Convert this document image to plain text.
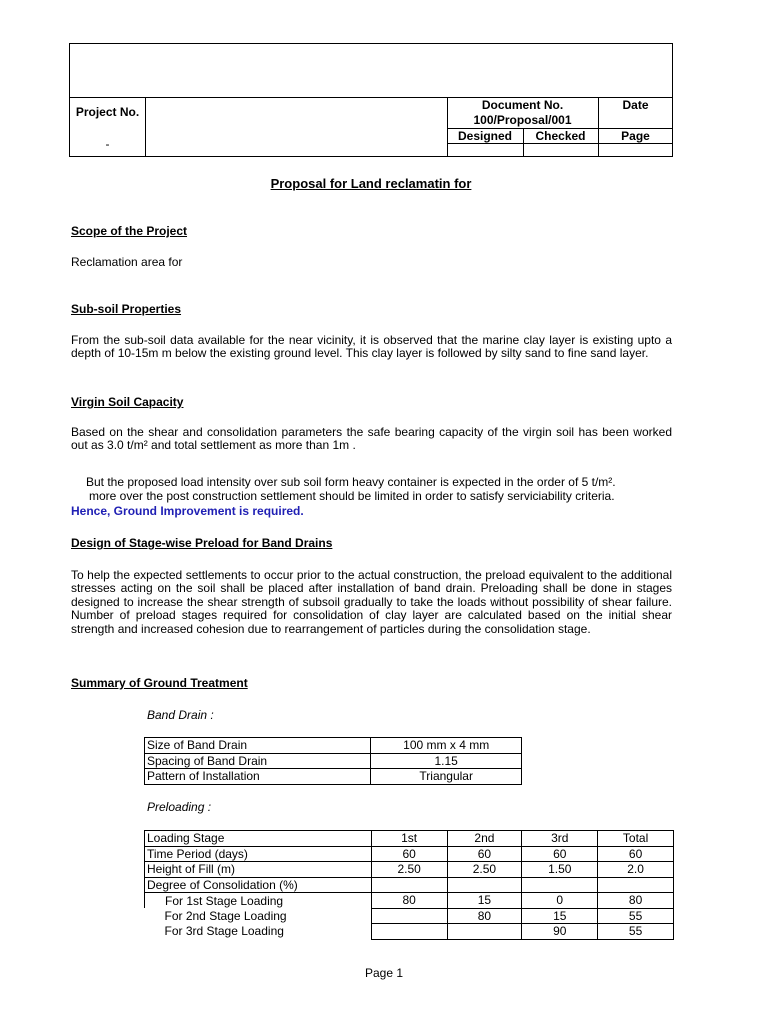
Project No.
-
Document No.
100/Proposal/001
Date
Designed	Checked	Page
Proposal for Land reclamatin for
Scope of the Project
Reclamation area for
Sub-soil Properties
From the sub-soil data available for the near vicinity, it is observed that the marine clay layer is existing upto a depth of 10-15m m below the existing ground level. This clay layer is followed by silty sand to fine sand layer.
Virgin Soil Capacity
Based on the shear and consolidation parameters the safe bearing capacity of the virgin soil has been worked out as 3.0 t/m² and total settlement as more than 1m .
But the proposed load intensity over sub soil form heavy container is expected in the order of 5 t/m².
more over the post construction settlement should be limited in order to satisfy serviciability criteria.
Hence, Ground Improvement is required.
Design of Stage-wise Preload for Band Drains
To help the expected settlements to occur prior to the actual construction, the preload equivalent to the additional stresses acting on the soil shall be placed after installation of band drain. Preloading shall be done in stages designed to increase the shear strength of subsoil gradually to take the loads without possibility of shear failure. Number of preload stages required for consolidation of clay layer are calculated based on the initial shear strength and increased cohesion due to rearrangement of particles during the consolidation stage.
Summary of Ground Treatment
Band Drain :
Size of Band Drain	100 mm x 4 mm
Spacing of Band Drain	1.15
Pattern of Installation	Triangular
Preloading :
Loading Stage	1st	2nd	3rd	Total
Time Period (days)	60	60	60	60
Height of Fill (m)	2.50	2.50	1.50	2.0
Degree of Consolidation (%)				
For 1st Stage Loading	80	15	0	80
For 2nd Stage Loading		80	15	55
For 3rd Stage Loading			90	55
Page 1
